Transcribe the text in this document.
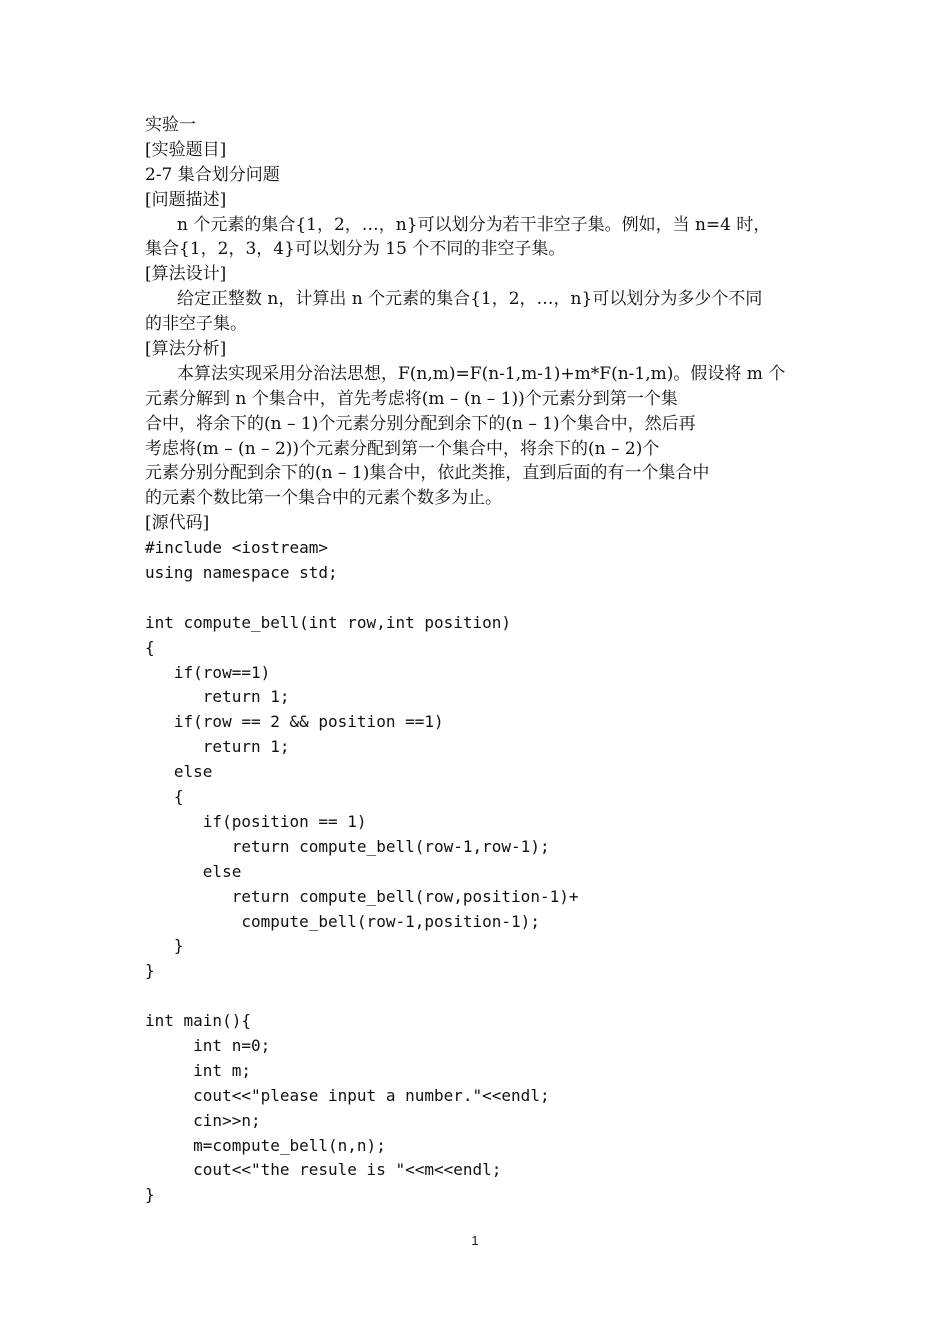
实验一
[实验题目]
2-7 集合划分问题
[问题描述]
n 个元素的集合{1，2，…，n}可以划分为若干非空子集。例如，当 n=4 时，
集合{1，2，3，4}可以划分为 15 个不同的非空子集。
[算法设计]
给定正整数 n，计算出 n 个元素的集合{1，2，…，n}可以划分为多少个不同
的非空子集。
[算法分析]
本算法实现采用分治法思想，F(n,m)=F(n-1,m-1)+m*F(n-1,m)。假设将 m 个
元素分解到 n 个集合中，首先考虑将(m – (n – 1))个元素分到第一个集
合中，将余下的(n – 1)个元素分别分配到余下的(n – 1)个集合中，然后再
考虑将(m – (n – 2))个元素分配到第一个集合中，将余下的(n – 2)个
元素分别分配到余下的(n – 1)集合中，依此类推，直到后面的有一个集合中
的元素个数比第一个集合中的元素个数多为止。
[源代码]
#include <iostream>
using namespace std;
int compute_bell(int row,int position)
{
if(row==1)
return 1;
if(row == 2 && position ==1)
return 1;
else
{
if(position == 1)
return compute_bell(row-1,row-1);
else
return compute_bell(row,position-1)+
compute_bell(row-1,position-1);
}
}
int main(){
int n=0;
int m;
cout<<"please input a number."<<endl;
cin>>n;
m=compute_bell(n,n);
cout<<"the resule is "<<m<<endl;
}
1
